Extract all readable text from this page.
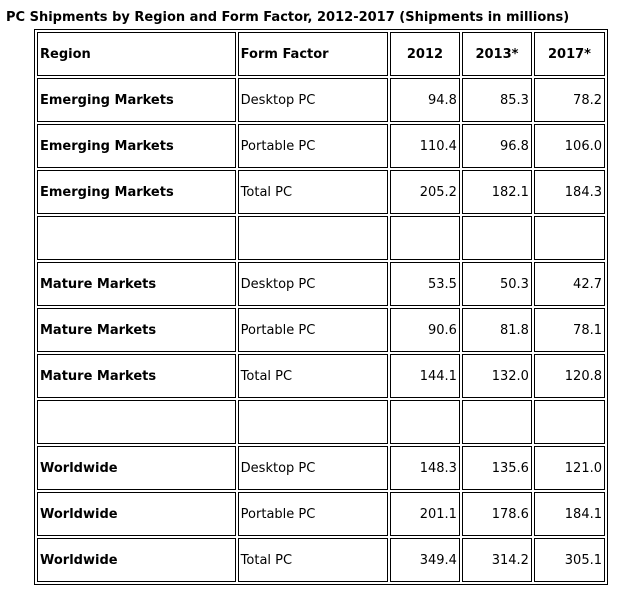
PC Shipments by Region and Form Factor, 2012-2017 (Shipments in millions)
Region	Form Factor	2012	2013*	2017*
Emerging Markets	Desktop PC	94.8	85.3	78.2
Emerging Markets	Portable PC	110.4	96.8	106.0
Emerging Markets	Total PC	205.2	182.1	184.3

Mature Markets	Desktop PC	53.5	50.3	42.7
Mature Markets	Portable PC	90.6	81.8	78.1
Mature Markets	Total PC	144.1	132.0	120.8

Worldwide	Desktop PC	148.3	135.6	121.0
Worldwide	Portable PC	201.1	178.6	184.1
Worldwide	Total PC	349.4	314.2	305.1
